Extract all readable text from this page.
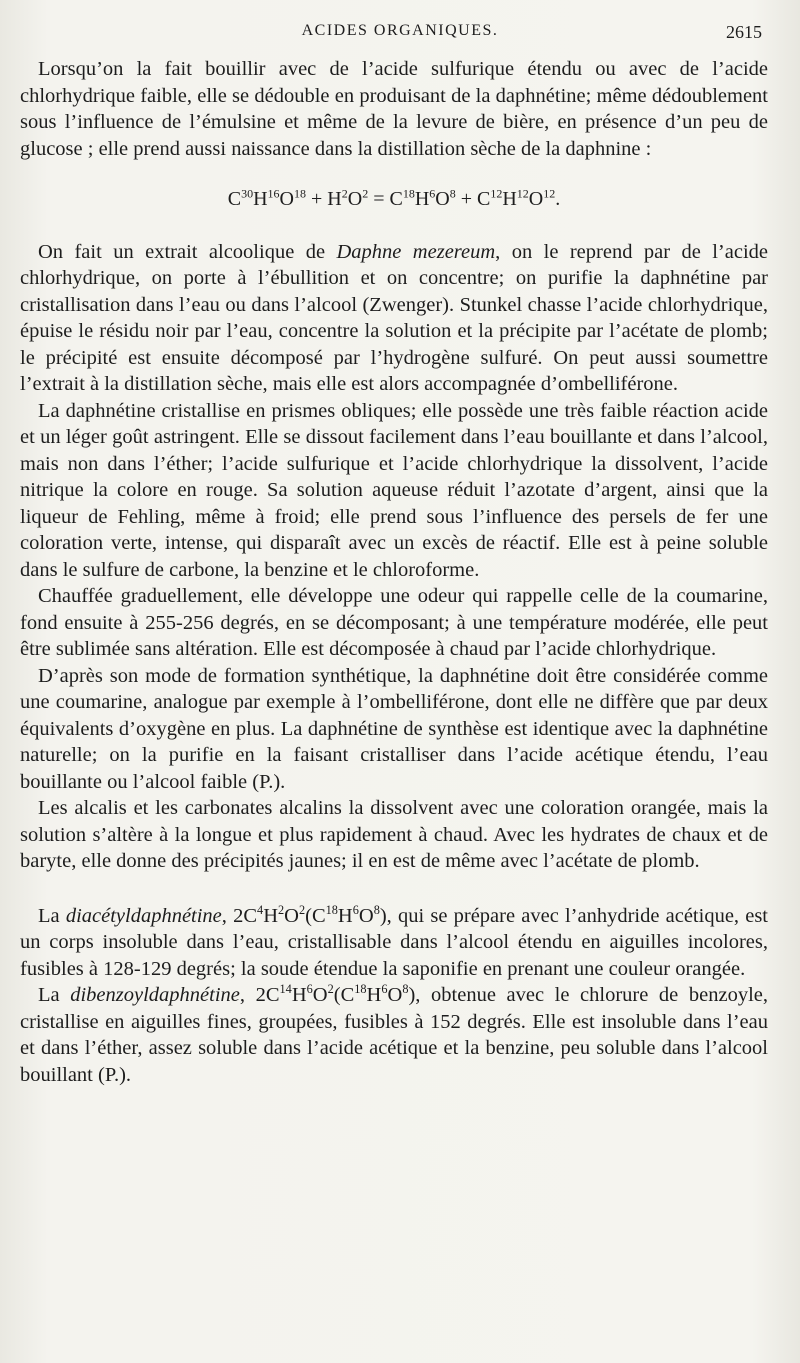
ACIDES ORGANIQUES.	2615

Lorsqu’on la fait bouillir avec de l’acide sulfurique étendu ou avec de l’acide chlorhydrique faible, elle se dédouble en produisant de la daphnétine; même dédoublement sous l’influence de l’émulsine et même de la levure de bière, en présence d’un peu de glucose ; elle prend aussi naissance dans la distillation sèche de la daphnine :

$C^{30}H^{16}O^{18} + H^2O^2 = C^{18}H^6O^8 + C^{12}H^{12}O^{12}$.

On fait un extrait alcoolique de Daphne mezereum, on le reprend par de l’acide chlorhydrique, on porte à l’ébullition et on concentre; on purifie la daphnétine par cristallisation dans l’eau ou dans l’alcool (Zwenger). Stunkel chasse l’acide chlorhydrique, épuise le résidu noir par l’eau, concentre la solution et la précipite par l’acétate de plomb; le précipité est ensuite décomposé par l’hydrogène sulfuré. On peut aussi soumettre l’extrait à la distillation sèche, mais elle est alors accompagnée d’ombelliférone.

La daphnétine cristallise en prismes obliques; elle possède une très faible réaction acide et un léger goût astringent. Elle se dissout facilement dans l’eau bouillante et dans l’alcool, mais non dans l’éther; l’acide sulfurique et l’acide chlorhydrique la dissolvent, l’acide nitrique la colore en rouge. Sa solution aqueuse réduit l’azotate d’argent, ainsi que la liqueur de Fehling, même à froid; elle prend sous l’influence des persels de fer une coloration verte, intense, qui disparaît avec un excès de réactif. Elle est à peine soluble dans le sulfure de carbone, la benzine et le chloroforme.

Chauffée graduellement, elle développe une odeur qui rappelle celle de la coumarine, fond ensuite à 255-256 degrés, en se décomposant; à une température modérée, elle peut être sublimée sans altération. Elle est décomposée à chaud par l’acide chlorhydrique.

D’après son mode de formation synthétique, la daphnétine doit être considérée comme une coumarine, analogue par exemple à l’ombelliférone, dont elle ne diffère que par deux équivalents d’oxygène en plus. La daphnétine de synthèse est identique avec la daphnétine naturelle; on la purifie en la faisant cristalliser dans l’acide acétique étendu, l’eau bouillante ou l’alcool faible (P.).

Les alcalis et les carbonates alcalins la dissolvent avec une coloration orangée, mais la solution s’altère à la longue et plus rapidement à chaud. Avec les hydrates de chaux et de baryte, elle donne des précipités jaunes; il en est de même avec l’acétate de plomb.

La diacétyldaphnétine, $2C^4H^2O^2(C^{18}H^6O^8)$, qui se prépare avec l’anhydride acétique, est un corps insoluble dans l’eau, cristallisable dans l’alcool étendu en aiguilles incolores, fusibles à 128-129 degrés; la soude étendue la saponifie en prenant une couleur orangée.

La dibenzoyldaphnétine, $2C^{14}H^6O^2(C^{18}H^6O^8)$, obtenue avec le chlorure de benzoyle, cristallise en aiguilles fines, groupées, fusibles à 152 degrés. Elle est insoluble dans l’eau et dans l’éther, assez soluble dans l’acide acétique et la benzine, peu soluble dans l’alcool bouillant (P.).
